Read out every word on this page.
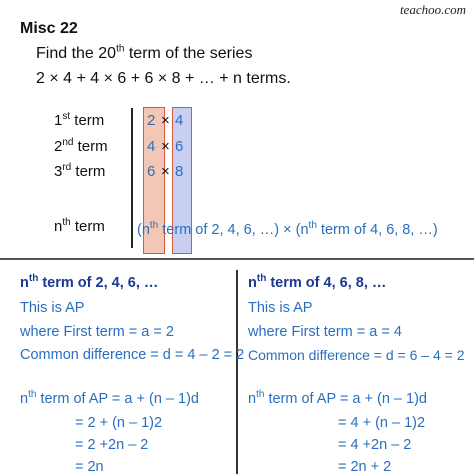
teachoo.com
Misc 22
Find the 20th term of the series
2 × 4 + 4 × 6 + 6 × 8 + … + n terms.
1st term	2 × 4
2nd term	4 × 6
3rd term	6 × 8
$n^{th}$ term ($n^{th}$ term of 2, 4, 6, …) × ($n^{th}$ term of 4, 6, 8, …)
$n^{th}$ term of 2, 4, 6, …
This is AP
where First term = a = 2
Common difference = d = 4 – 2 = 2
$n^{th}$ term of AP = a + (n – 1)d
= 2 + (n – 1)2
= 2 +2n – 2
= 2n
$n^{th}$ term of 4, 6, 8, …
This is AP
where First term = a = 4
Common difference = d = 6 – 4 = 2
$n^{th}$ term of AP = a + (n – 1)d
= 4 + (n – 1)2
= 4 +2n – 2
= 2n + 2
